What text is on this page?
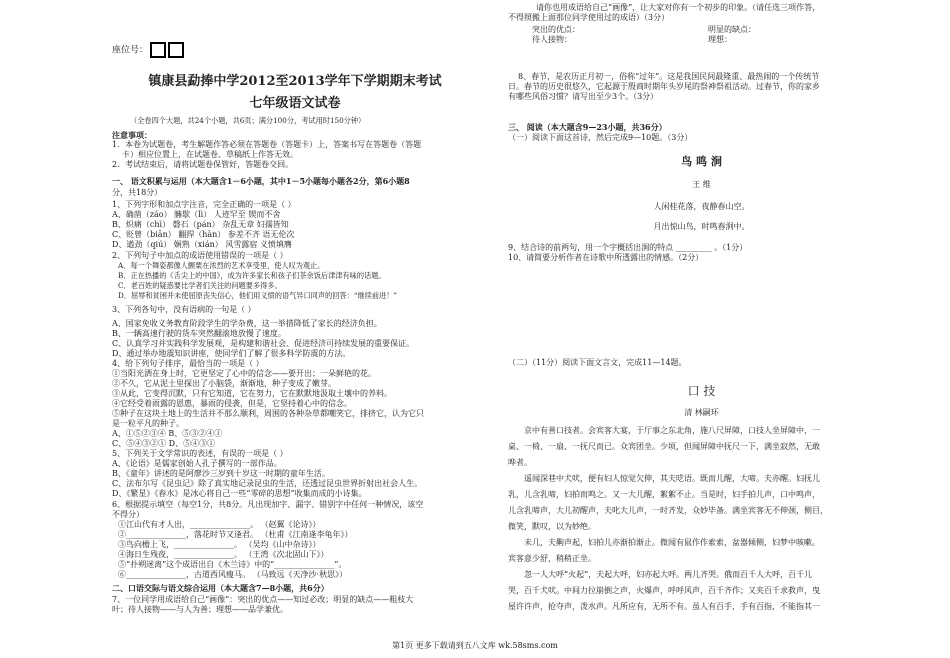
座位号：
镇康县勐捧中学2012至2013学年下学期期末考试
七年级语文试卷
（全卷四个大题，共24个小题，共6页；满分100分，考试用时150分钟）
注意事项：
1．本卷为试题卷，考生解题作答必须在答题卷（答题卡）上，答案书写在答题卷（答题
卡）相应位置上，在试题卷、草稿纸上作答无效。
2．考试结束后，请将试题卷保管好，答题卷交回。
一、 语文积累与运用（本大题含1－6小题，其中1－5小题每小题各2分，第6小题8
分，共18分）
1、下列字形和加点字注音，完全正确的一项是（ ）
A、确凿（záo） 臃歇（lì） 人迹罕至 锲而不舍
B、炽痛（chì） 磐石（pán） 杂乱无章 妇孺皆知
C、贬曾（biān） 翻捍（hàn） 参差不齐 语无伦次
D、遒劲（qiú） 娴熟（xián） 风雪露宿 义愤填膺
2、下列句子中加点的成语使用错误的一项是（ ）
A．每一个舞姿都像人颤栗在浓烈的艺术享受里，使人叹为观止。
B．正在热播的《舌尖上的中国》，成为许多家长和孩子们茶余饭后津津有味的话题。
C．老百姓的疑惑要比学者们关注的问题要多得多。
D．屈辱和贫困并未使屈原丧失信心，他们用义愤的语气异口同声的回答：“继续前进！”
3、下列各句中，没有语病的一句是（ ）
A、国家免收义务教育阶段学生的学杂费，这一举措降低了家长的经济负担。
B、一辆高速行驶的货车突然翻滚地放慢了速度。
C、认真学习并实践科学发展观，是构建和谐社会、促进经济可持续发展的重要保证。
D、通过举办地震知识讲座，使同学们了解了很多科学防震的方法。
4、给下列句子排序，最恰当的一项是（ ）
①当阳光洒在身上时，它更坚定了心中的信念——要开出；一朵鲜艳的花。
②不久，它从泥土里探出了小脑袋，渐渐地，种子变成了嫩芽。
③从此，它变得沉默，只有它知道，它在努力，它在默默地汲取土壤中的养料。
④它经受着雨露的恩惠，暴雨的侵袭，但是，它坚持着心中的信念。
⑤种子在这块土地上的生活并不那么顺利，周围的各种杂草都嘲笑它，排挤它，认为它只
是一粒平凡的种子。
A、①⑤②③④ B、⑤③②④①
C、⑤④③②① D、⑤④③①
5、下列关于文学常识的表述，有误的一项是（ ）
A、《论语》是儒家创始人孔子撰写的一部作品。
B、《童年》讲述的是阿廖沙三岁到十岁这一时期的童年生活。
C、法布尔写《昆虫记》除了真实地记录昆虫的生活，还透过昆虫世界折射出社会人生。
D、《繁星》《春水》是冰心将自己一些“零碎的思想”收集而成的小诗集。
6、根据提示填空（每空1分，共8分。凡出现加字、漏字、错别字中任何一种情况，该空
不得分）
①江山代有才人出，_______________。 （赵翼《论诗》）
②_______________，落花时节又逢君。 （杜甫《江南逢李龟年》）
③鸟向檐上飞，_______________。 （吴均《山中杂诗》）
④海日生残夜，_______________。 （王湾《次北固山下》）
⑤“扑朔迷离”这个成语出自《木兰诗》中的“_______________”。
⑥_______________，古道西风瘦马。 （马致远《天净沙·秋思》）
二、口语交际与语文综合运用（本大题含7—8小题，共6分）
7、一位同学用成语给自己“画像”：突出的优点——知过必改；明显的缺点——粗枝大
叶；待人接物——与人为善；理想——品学兼优。
请你也用成语给自己“画像”，让大家对你有一个初步的印象。（请任选三项作答，
不得照搬上面那位同学使用过的成语）（3分）
突出的优点：	明显的缺点：
待人接物：	理想：
8、春节，是农历正月初一，俗称“过年”。这是我国民间最隆重、最热闹的一个传统节
日。春节的历史很悠久，它起源于殷商时期年头岁尾的祭神祭祖活动。过春节，你的家乡
有哪些风俗习惯？请写出至少3个。（3分）
三、 阅读（本大题含9—23小题，共36分）
（一）阅读下面这首诗，然后完成9—10题。（3分）
鸟 鸣 涧
王 维
人闲桂花落，夜静春山空。
月出惊山鸟，时鸣春涧中。
9、结合诗的前两句，用一个字概括出涧的特点 _________ 。（1分）
10、请简要分析作者在诗歌中所透露出的情感。（2分）
（二）（11分）阅读下面文言文，完成11—14题。
口 技
清 林嗣环
京中有善口技者。会宾客大宴，于厅事之东北角，施八尺屏障，口技人坐屏障中，一
桌、一椅、一扇、一抚尺而已。众宾团坐。少顷，但闻屏障中抚尺一下，满坐寂然，无敢
哗者。
遥闻深巷中犬吠，便有妇人惊觉欠伸，其夫呓语。既而儿醒，大啼。夫亦醒。妇抚儿
乳，儿含乳啼，妇拍而鸣之。又一大儿醒，絮絮不止。当是时，妇手拍儿声，口中鸣声，
儿含乳啼声，大儿初醒声，夫叱大儿声，一时齐发，众妙毕备。满坐宾客无不伸颈，侧目，
微笑，默叹，以为妙绝。
未几，夫齁声起，妇拍儿亦渐拍渐止。微闻有鼠作作索索，盆器倾侧，妇梦中咳嗽。
宾客意少舒，稍稍正坐。
忽一人大呼“火起”，夫起大呼，妇亦起大呼。两儿齐哭。俄而百千人大呼，百千儿
哭，百千犬吠。中间力拉崩倒之声，火爆声，呼呼风声，百千齐作；又夹百千求救声，曳
屋许许声，抢夺声，泼水声。凡所应有，无所不有。虽人有百手，手有百指，不能指其一
第1页 更多下载请到五八文库 wk.58sms.com
